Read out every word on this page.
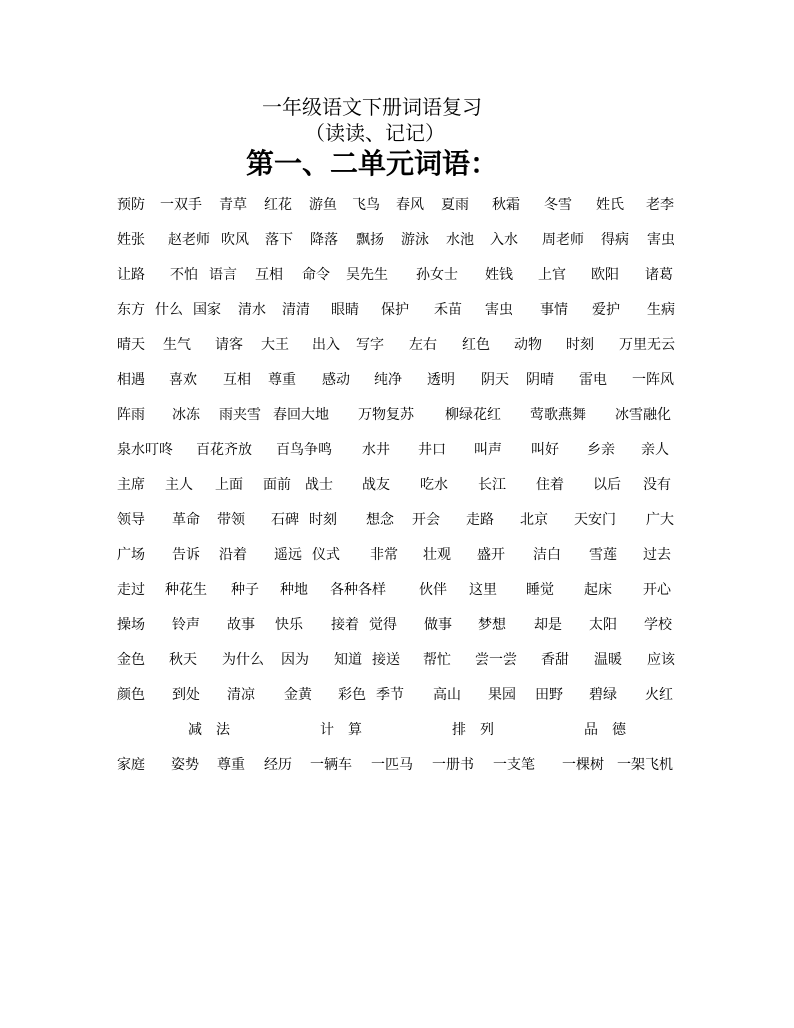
一年级语文下册词语复习
（读读、记记）
第一、二单元词语：
预防 一双手 青草 红花 游鱼 飞鸟 春风 夏雨 秋霜 冬雪 姓氏 老李
姓张 赵老师 吹风 落下 降落 飘扬 游泳 水池 入水 周老师 得病 害虫
让路 不怕 语言 互相 命令 吴先生 孙女士 姓钱 上官 欧阳 诸葛
东方 什么 国家 清水 清清 眼睛 保护 禾苗 害虫 事情 爱护 生病
晴天 生气 请客 大王 出入 写字 左右 红色 动物 时刻 万里无云
相遇 喜欢 互相 尊重 感动 纯净 透明 阴天 阴晴 雷电 一阵风
阵雨 冰冻 雨夹雪 春回大地 万物复苏 柳绿花红 莺歌燕舞 冰雪融化
泉水叮咚 百花齐放 百鸟争鸣 水井 井口 叫声 叫好 乡亲 亲人
主席 主人 上面 面前 战士 战友 吃水 长江 住着 以后 没有
领导 革命 带领 石碑 时刻 想念 开会 走路 北京 天安门 广大
广场 告诉 沿着 遥远 仪式 非常 壮观 盛开 洁白 雪莲 过去
走过 种花生 种子 种地 各种各样 伙伴 这里 睡觉 起床 开心
操场 铃声 故事 快乐 接着 觉得 做事 梦想 却是 太阳 学校
金色 秋天 为什么 因为 知道 接送 帮忙 尝一尝 香甜 温暖 应该
颜色 到处 清凉 金黄 彩色 季节 高山 果园 田野 碧绿 火红
减　法	计　算	排　列	品　德
家庭 姿势 尊重 经历 一辆车 一匹马 一册书 一支笔 一棵树 一架飞机
